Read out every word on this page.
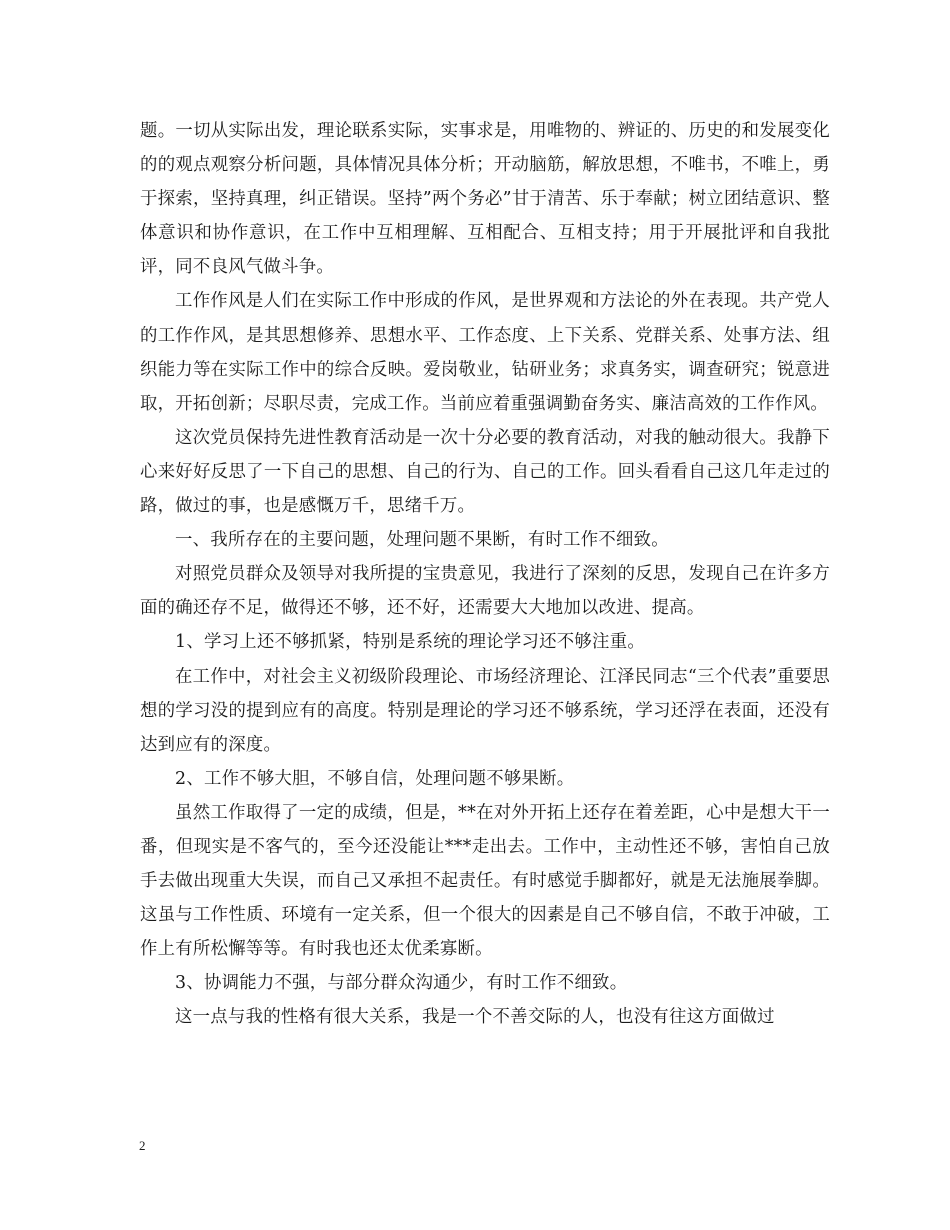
题。一切从实际出发，理论联系实际，实事求是，用唯物的、辨证的、历史的和发展变化的的观点观察分析问题，具体情况具体分析；开动脑筋，解放思想，不唯书，不唯上，勇于探索，坚持真理，纠正错误。坚持”两个务必”甘于清苦、乐于奉献；树立团结意识、整体意识和协作意识，在工作中互相理解、互相配合、互相支持；用于开展批评和自我批评，同不良风气做斗争。

工作作风是人们在实际工作中形成的作风，是世界观和方法论的外在表现。共产党人的工作作风，是其思想修养、思想水平、工作态度、上下关系、党群关系、处事方法、组织能力等在实际工作中的综合反映。爱岗敬业，钻研业务；求真务实，调查研究；锐意进取，开拓创新；尽职尽责，完成工作。当前应着重强调勤奋务实、廉洁高效的工作作风。

这次党员保持先进性教育活动是一次十分必要的教育活动，对我的触动很大。我静下心来好好反思了一下自己的思想、自己的行为、自己的工作。回头看看自己这几年走过的路，做过的事，也是感慨万千，思绪千万。

一、我所存在的主要问题，处理问题不果断，有时工作不细致。

对照党员群众及领导对我所提的宝贵意见，我进行了深刻的反思，发现自己在许多方面的确还存不足，做得还不够，还不好，还需要大大地加以改进、提高。

1、学习上还不够抓紧，特别是系统的理论学习还不够注重。

在工作中，对社会主义初级阶段理论、市场经济理论、江泽民同志“三个代表”重要思想的学习没的提到应有的高度。特别是理论的学习还不够系统，学习还浮在表面，还没有达到应有的深度。

2、工作不够大胆，不够自信，处理问题不够果断。

虽然工作取得了一定的成绩，但是，**在对外开拓上还存在着差距，心中是想大干一番，但现实是不客气的，至今还没能让***走出去。工作中，主动性还不够，害怕自己放手去做出现重大失误，而自己又承担不起责任。有时感觉手脚都好，就是无法施展拳脚。这虽与工作性质、环境有一定关系，但一个很大的因素是自己不够自信，不敢于冲破，工作上有所松懈等等。有时我也还太优柔寡断。

3、协调能力不强，与部分群众沟通少，有时工作不细致。

这一点与我的性格有很大关系，我是一个不善交际的人，也没有往这方面做过

2
